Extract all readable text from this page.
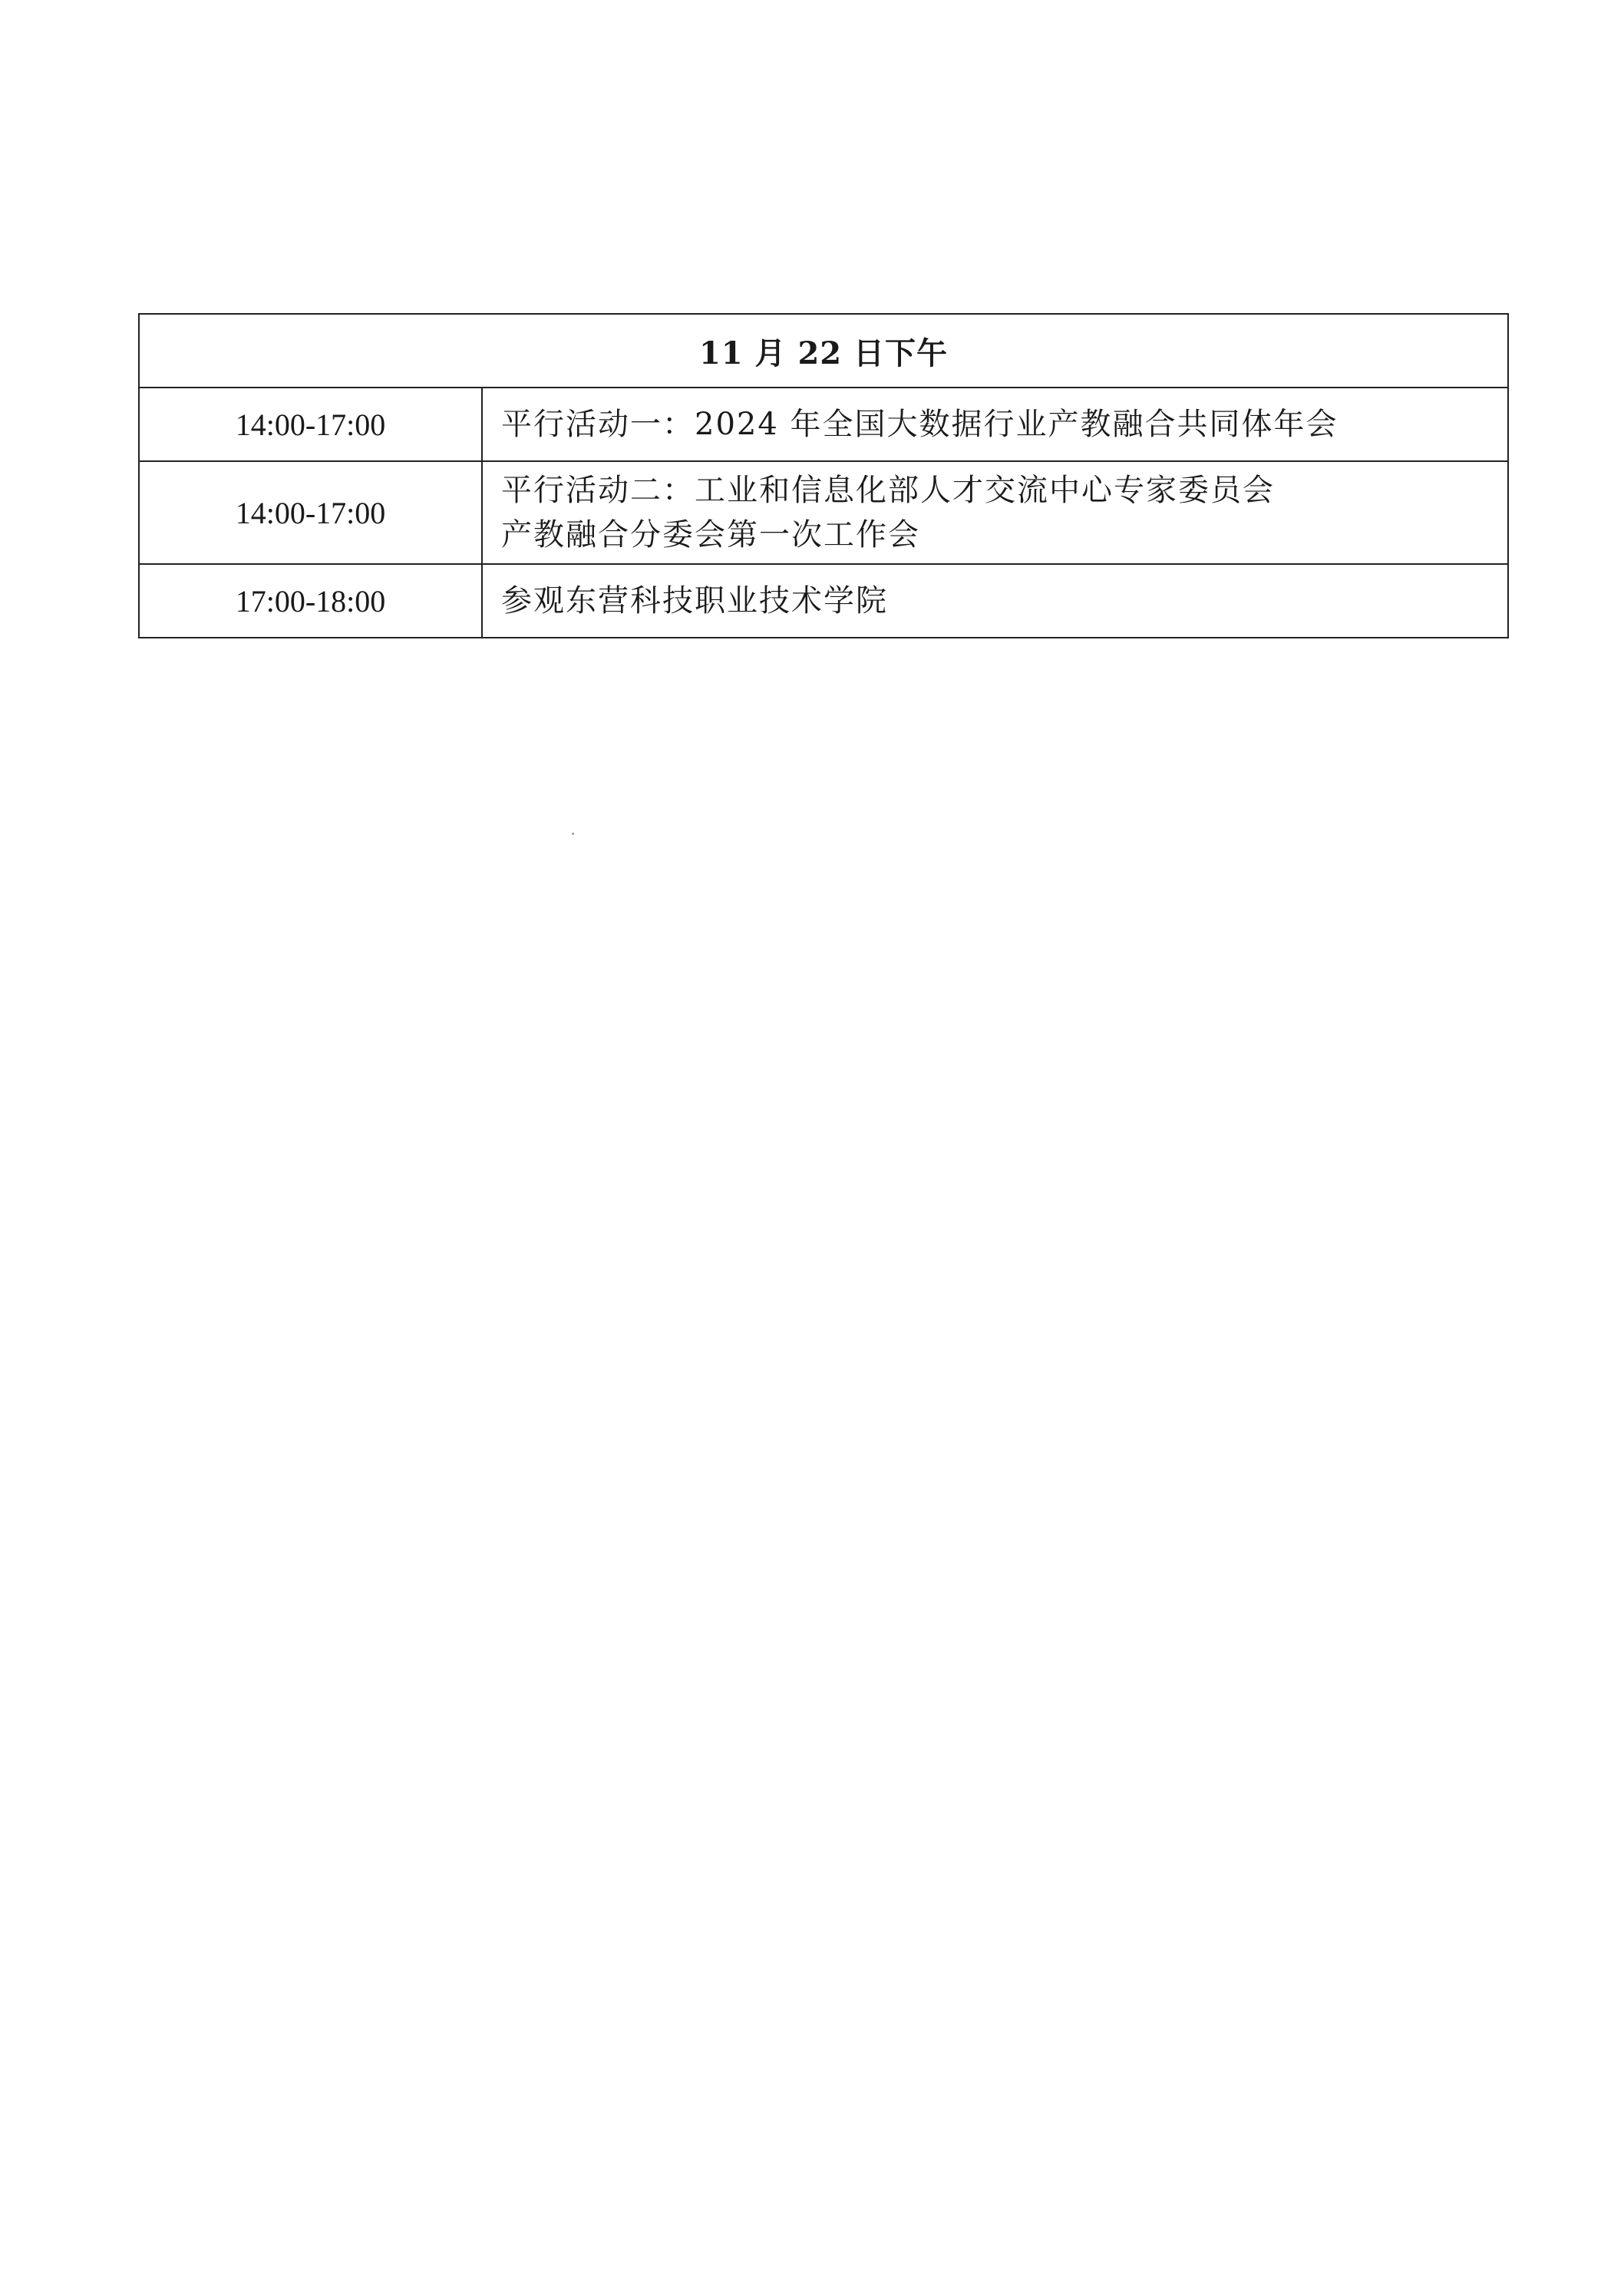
11 月 22 日下午	
14:00-17:00	平行活动一：2024 年全国大数据行业产教融合共同体年会

14:00-17:00	平行活动二：工业和信息化部人才交流中心专家委员会
产教融合分委会第一次工作会

17:00-18:00	参观东营科技职业技术学院
